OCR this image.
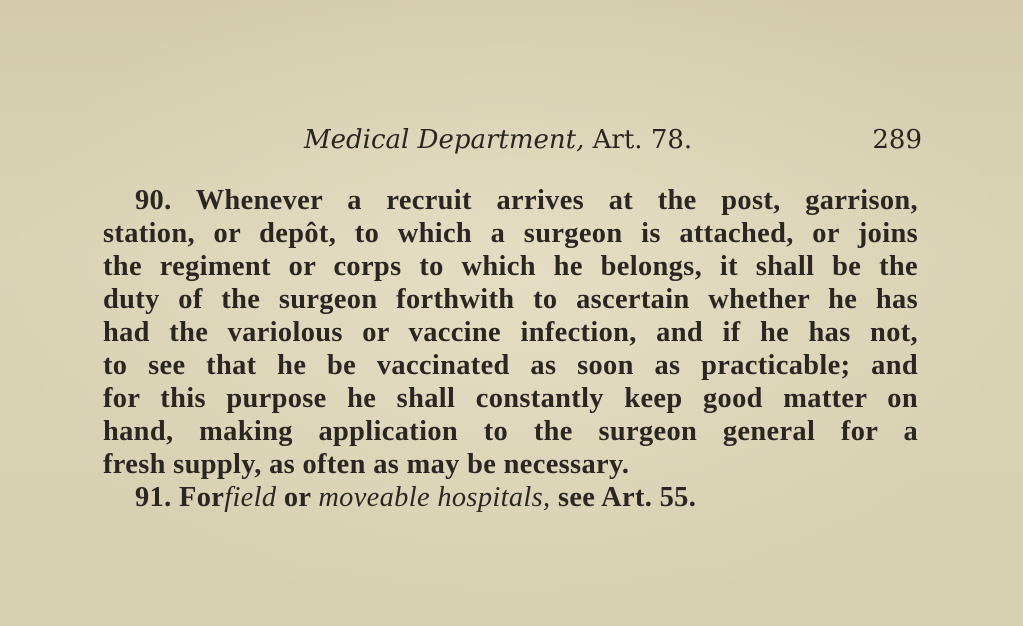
Medical Department, Art. 78.	289
90. Whenever a recruit arrives at the post, garrison,
station, or depôt, to which a surgeon is attached, or joins
the regiment or corps to which he belongs, it shall be the
duty of the surgeon forthwith to ascertain whether he has
had the variolous or vaccine infection, and if he has not,
to see that he be vaccinated as soon as practicable; and
for this purpose he shall constantly keep good matter on
hand, making application to the surgeon general for a
fresh supply, as often as may be necessary.
91. Forfield or moveable hospitals, see Art. 55.
